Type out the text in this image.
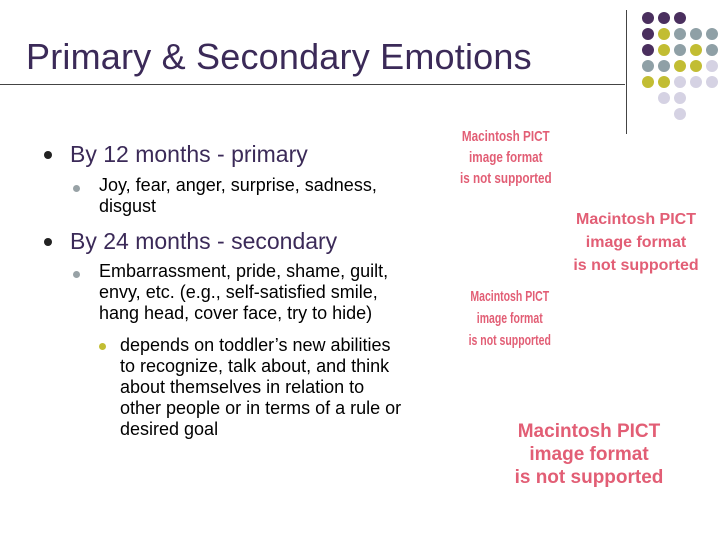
Primary & Secondary Emotions
By 12 months - primary
Joy, fear, anger, surprise, sadness,
disgust
By 24 months - secondary
Embarrassment, pride, shame, guilt,
envy, etc. (e.g., self-satisfied smile,
hang head, cover face, try to hide)
depends on toddler’s new abilities
to recognize, talk about, and think
about themselves in relation to
other people or in terms of a rule or
desired goal
Macintosh PICT
image format
is not supported
Macintosh PICT
image format
is not supported
Macintosh PICT
image format
is not supported
Macintosh PICT
image format
is not supported
